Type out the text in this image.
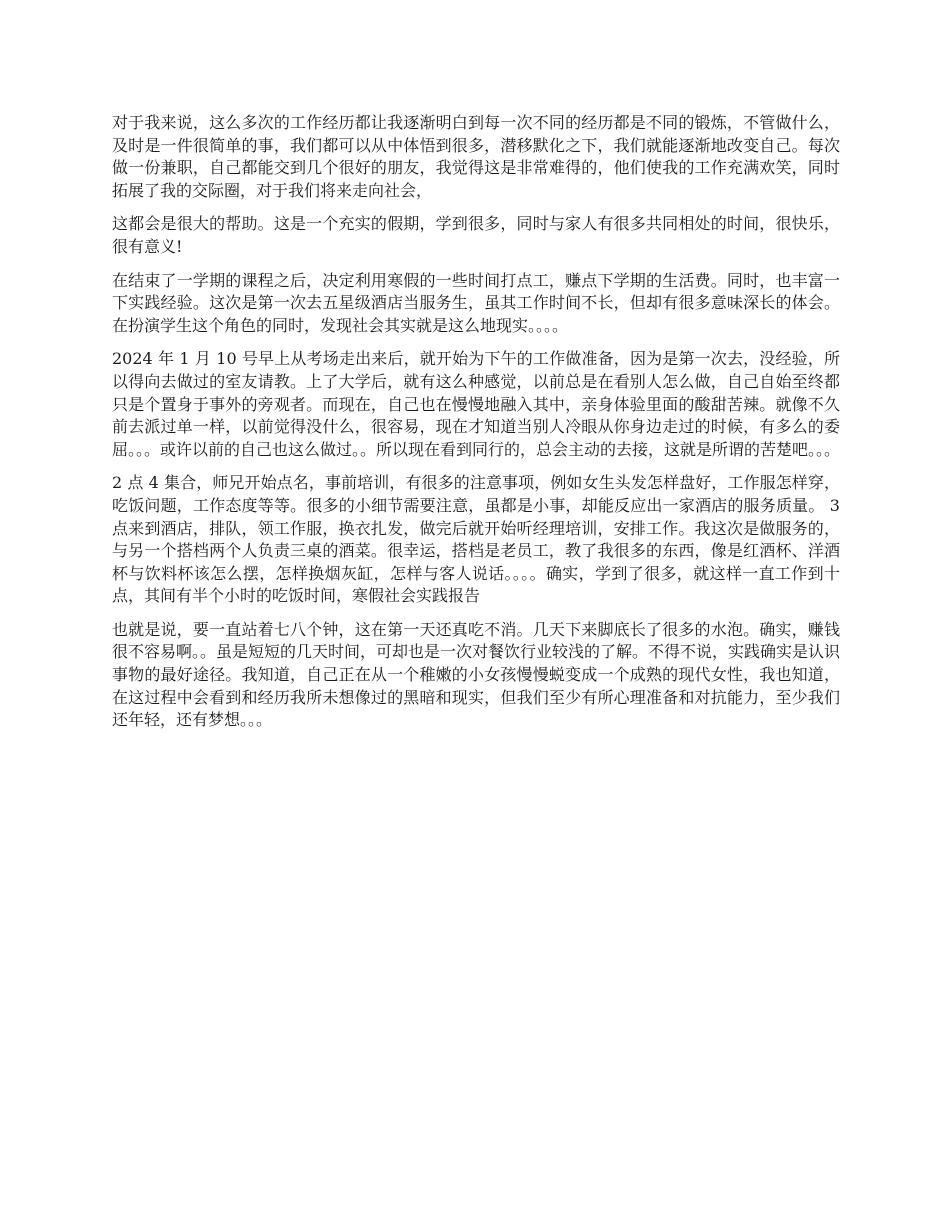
对于我来说，这么多次的工作经历都让我逐渐明白到每一次不同的经历都是不同的锻炼，不管做什么，及时是一件很简单的事，我们都可以从中体悟到很多，潜移默化之下，我们就能逐渐地改变自己。每次做一份兼职，自己都能交到几个很好的朋友，我觉得这是非常难得的，他们使我的工作充满欢笑，同时拓展了我的交际圈，对于我们将来走向社会，

这都会是很大的帮助。这是一个充实的假期，学到很多，同时与家人有很多共同相处的时间，很快乐，很有意义!

在结束了一学期的课程之后，决定利用寒假的一些时间打点工，赚点下学期的生活费。同时，也丰富一下实践经验。这次是第一次去五星级酒店当服务生，虽其工作时间不长，但却有很多意味深长的体会。在扮演学生这个角色的同时，发现社会其实就是这么地现实。。。。

2024 年 1 月 10 号早上从考场走出来后，就开始为下午的工作做准备，因为是第一次去，没经验，所以得向去做过的室友请教。上了大学后，就有这么种感觉，以前总是在看别人怎么做，自己自始至终都只是个置身于事外的旁观者。而现在，自己也在慢慢地融入其中，亲身体验里面的酸甜苦辣。就像不久前去派过单一样，以前觉得没什么，很容易，现在才知道当别人冷眼从你身边走过的时候，有多么的委屈。。。或许以前的自己也这么做过。。所以现在看到同行的，总会主动的去接，这就是所谓的苦楚吧。。。

2 点 4 集合，师兄开始点名，事前培训，有很多的注意事项，例如女生头发怎样盘好，工作服怎样穿，吃饭问题，工作态度等等。很多的小细节需要注意，虽都是小事，却能反应出一家酒店的服务质量。 3 点来到酒店，排队，领工作服，换衣扎发，做完后就开始听经理培训，安排工作。我这次是做服务的，与另一个搭档两个人负责三桌的酒菜。很幸运，搭档是老员工，教了我很多的东西，像是红酒杯、洋酒杯与饮料杯该怎么摆，怎样换烟灰缸，怎样与客人说话。。。。确实，学到了很多，就这样一直工作到十点，其间有半个小时的吃饭时间，寒假社会实践报告

也就是说，要一直站着七八个钟，这在第一天还真吃不消。几天下来脚底长了很多的水泡。确实，赚钱很不容易啊。。虽是短短的几天时间，可却也是一次对餐饮行业较浅的了解。不得不说，实践确实是认识事物的最好途径。我知道，自己正在从一个稚嫩的小女孩慢慢蜕变成一个成熟的现代女性，我也知道，在这过程中会看到和经历我所未想像过的黑暗和现实，但我们至少有所心理准备和对抗能力，至少我们还年轻，还有梦想。。。
